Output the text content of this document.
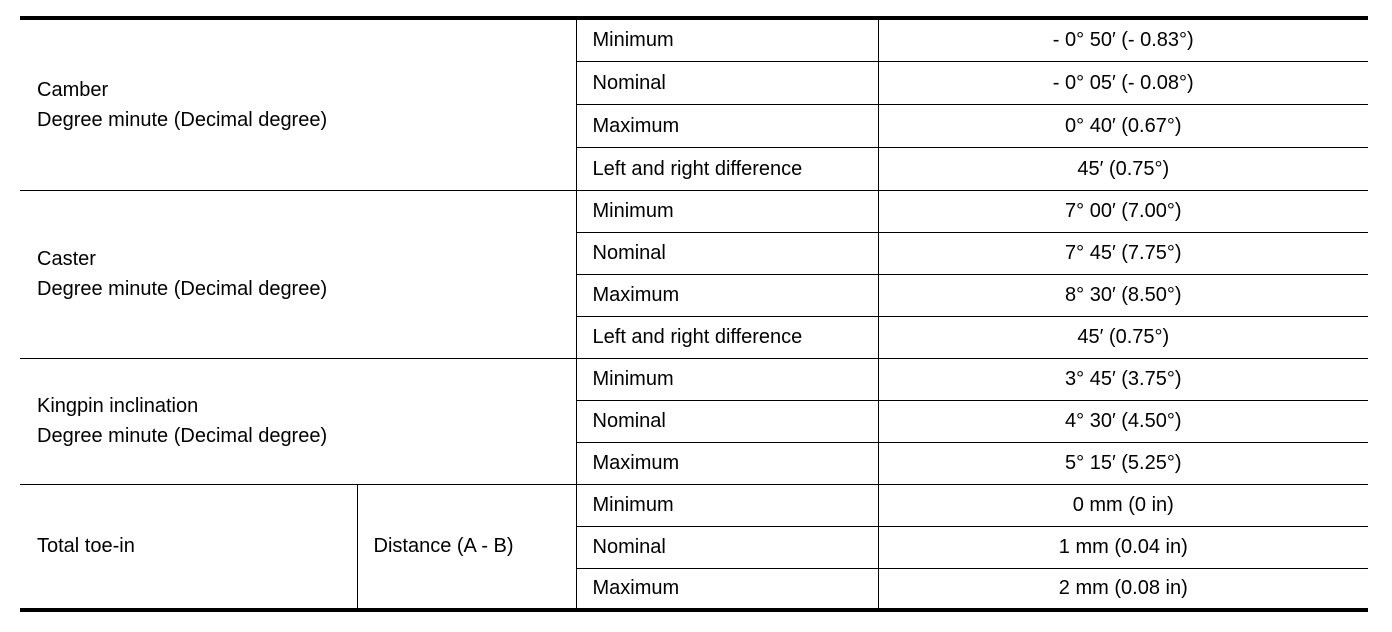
Camber
Degree minute (Decimal degree)		Minimum	- 0° 50′ (- 0.83°)
		Nominal	- 0° 05′ (- 0.08°)
		Maximum	0° 40′ (0.67°)
		Left and right difference	45′ (0.75°)

Caster
Degree minute (Decimal degree)		Minimum	7° 00′ (7.00°)
		Nominal	7° 45′ (7.75°)
		Maximum	8° 30′ (8.50°)
		Left and right difference	45′ (0.75°)

Kingpin inclination
Degree minute (Decimal degree)		Minimum	3° 45′ (3.75°)
		Nominal	4° 30′ (4.50°)
		Maximum	5° 15′ (5.25°)
Total toe-in	Distance (A - B)	Minimum	0 mm (0 in)
		Nominal	1 mm (0.04 in)
		Maximum	2 mm (0.08 in)
